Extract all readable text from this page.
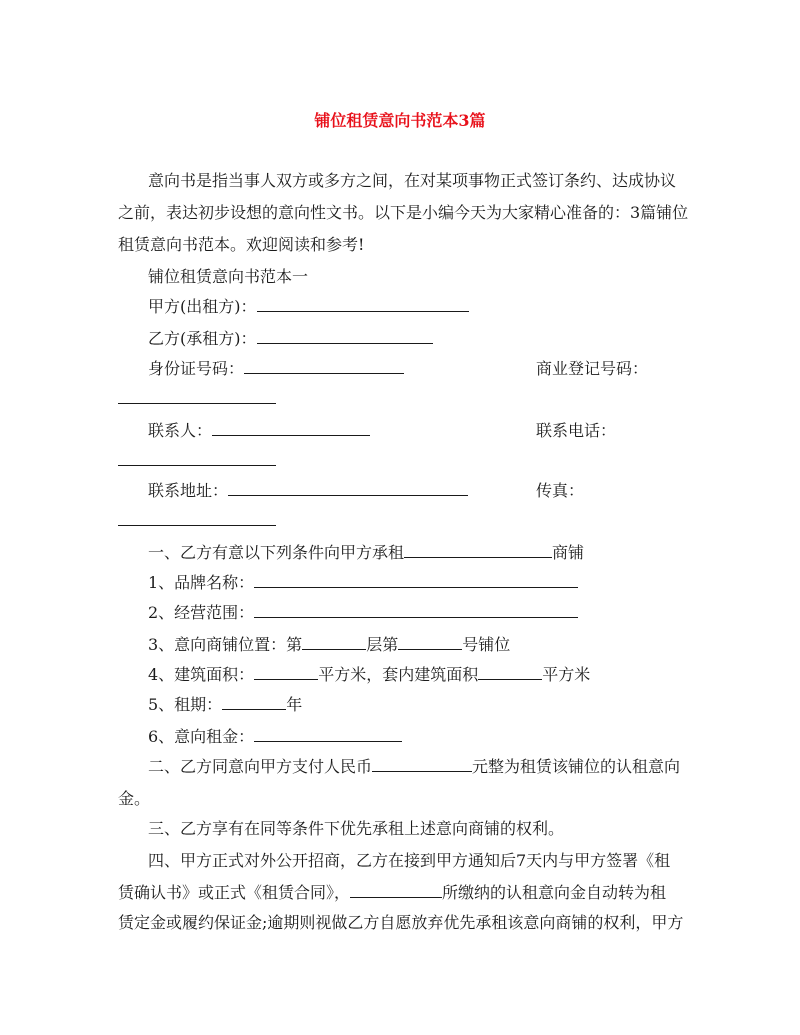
铺位租赁意向书范本3篇
意向书是指当事人双方或多方之间，在对某项事物正式签订条约、达成协议
之前，表达初步设想的意向性文书。以下是小编今天为大家精心准备的：3篇铺位
租赁意向书范本。欢迎阅读和参考!
铺位租赁意向书范本一
甲方(出租方)：
乙方(承租方)：
身份证号码：	商业登记号码：
联系人：	联系电话：
联系地址：	传真：
一、乙方有意以下列条件向甲方承租	商铺
1、品牌名称：
2、经营范围：
3、意向商铺位置：第	层第	号铺位
4、建筑面积：	平方米，套内建筑面积	平方米
5、租期：	年
6、意向租金：
二、乙方同意向甲方支付人民币	元整为租赁该铺位的认租意向
金。
三、乙方享有在同等条件下优先承租上述意向商铺的权利。
四、甲方正式对外公开招商，乙方在接到甲方通知后7天内与甲方签署《租
赁确认书》或正式《租赁合同》，	所缴纳的认租意向金自动转为租
赁定金或履约保证金;逾期则视做乙方自愿放弃优先承租该意向商铺的权利，甲方
